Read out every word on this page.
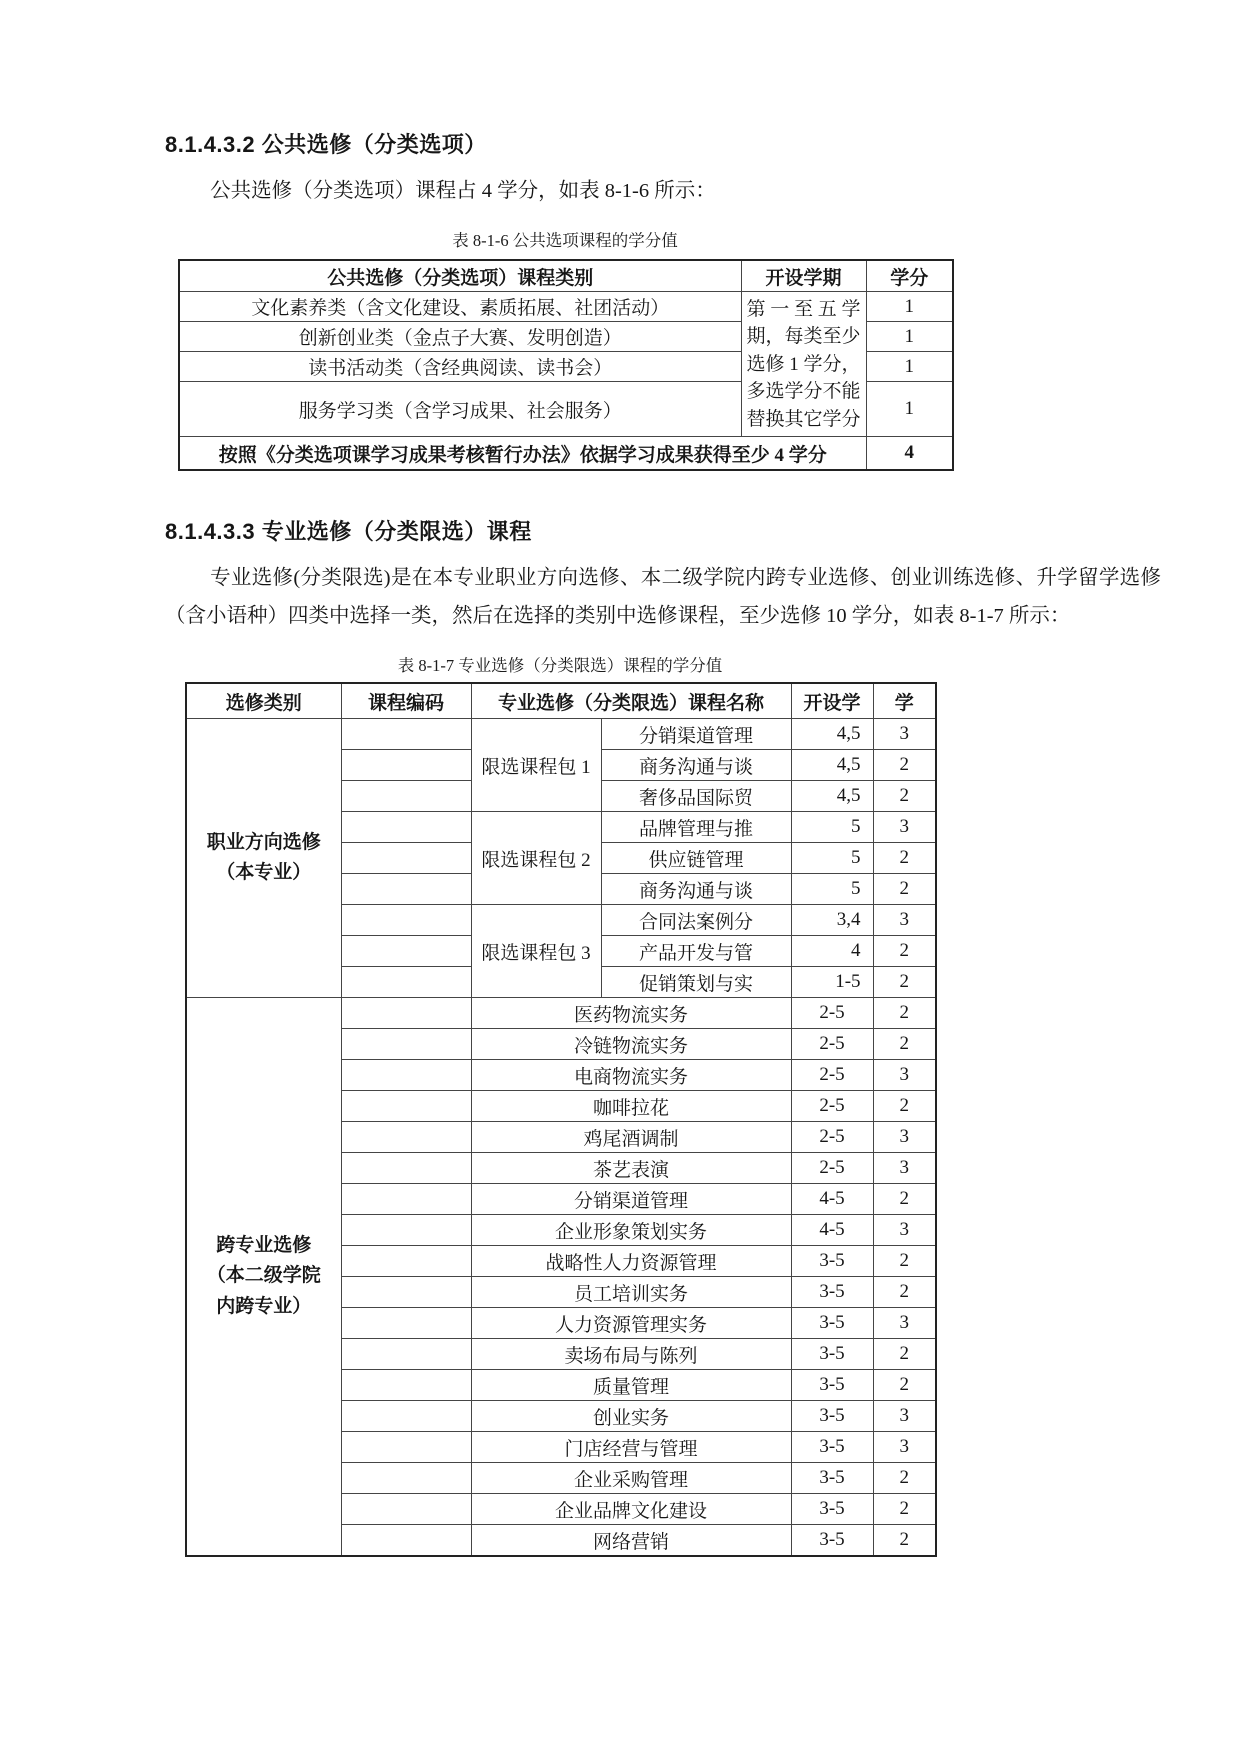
8.1.4.3.2 公共选修（分类选项）

公共选修（分类选项）课程占 4 学分，如表 8-1-6 所示：

表 8-1-6 公共选项课程的学分值
公共选修（分类选项）课程类别	开设学期	学分
文化素养类（含文化建设、素质拓展、社团活动）	第一至五学期，每类至少选修 1 学分，多选学分不能替换其它学分	1
创新创业类（金点子大赛、发明创造）		1
读书活动类（含经典阅读、读书会）		1
服务学习类（含学习成果、社会服务）		1
按照《分类选项课学习成果考核暂行办法》依据学习成果获得至少 4 学分		4
8.1.4.3.3 专业选修（分类限选）课程

专业选修(分类限选)是在本专业职业方向选修、本二级学院内跨专业选修、创业训练选修、升学留学选修（含小语种）四类中选择一类，然后在选择的类别中选修课程，至少选修 10 学分，如表 8-1-7 所示：

表 8-1-7 专业选修（分类限选）课程的学分值
选修类别	课程编码	专业选修（分类限选）课程名称		开设学	学
职业方向选修
（本专业）		限选课程包 1	分销渠道管理	4,5	3
			商务沟通与谈	4,5	2
			奢侈品国际贸	4,5	2
		限选课程包 2	品牌管理与推	5	3
			供应链管理	5	2
			商务沟通与谈	5	2
		限选课程包 3	合同法案例分	3,4	3
			产品开发与管	4	2
			促销策划与实	1-5	2
跨专业选修
（本二级学院
内跨专业）		医药物流实务		2-5	2
		冷链物流实务		2-5	2
		电商物流实务		2-5	3
		咖啡拉花		2-5	2
		鸡尾酒调制		2-5	3
		茶艺表演		2-5	3
		分销渠道管理		4-5	2
		企业形象策划实务		4-5	3
		战略性人力资源管理		3-5	2
		员工培训实务		3-5	2
		人力资源管理实务		3-5	3
		卖场布局与陈列		3-5	2
		质量管理		3-5	2
		创业实务		3-5	3
		门店经营与管理		3-5	3
		企业采购管理		3-5	2
		企业品牌文化建设		3-5	2
		网络营销		3-5	2
